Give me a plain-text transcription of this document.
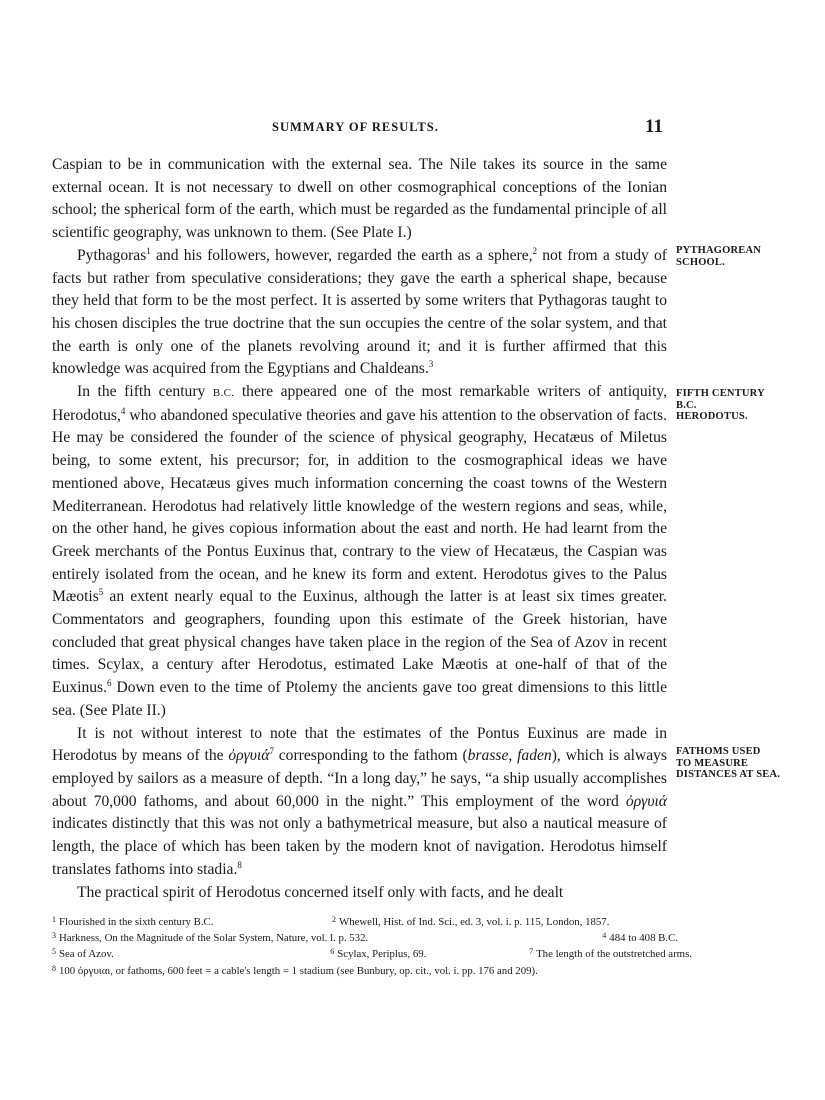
SUMMARY OF RESULTS.	11

Caspian to be in communication with the external sea. The Nile takes its source in the same external ocean. It is not necessary to dwell on other cosmographical conceptions of the Ionian school; the spherical form of the earth, which must be regarded as the fundamental principle of all scientific geography, was unknown to them. (See Plate I.)

Pythagoras$^1$ and his followers, however, regarded the earth as a sphere,$^2$ not from a study of facts but rather from speculative considerations; they gave the earth a spherical shape, because they held that form to be the most perfect. It is asserted by some writers that Pythagoras taught to his chosen disciples the true doctrine that the sun occupies the centre of the solar system, and that the earth is only one of the planets revolving around it; and it is further affirmed that this knowledge was acquired from the Egyptians and Chaldeans.$^3$

In the fifth century B.C. there appeared one of the most remarkable writers of antiquity, Herodotus,$^4$ who abandoned speculative theories and gave his attention to the observation of facts. He may be considered the founder of the science of physical geography, Hecatæus of Miletus being, to some extent, his precursor; for, in addition to the cosmographical ideas we have mentioned above, Hecatæus gives much information concerning the coast towns of the Western Mediterranean. Herodotus had relatively little knowledge of the western regions and seas, while, on the other hand, he gives copious information about the east and north. He had learnt from the Greek merchants of the Pontus Euxinus that, contrary to the view of Hecatæus, the Caspian was entirely isolated from the ocean, and he knew its form and extent. Herodotus gives to the Palus Mæotis$^5$ an extent nearly equal to the Euxinus, although the latter is at least six times greater. Commentators and geographers, founding upon this estimate of the Greek historian, have concluded that great physical changes have taken place in the region of the Sea of Azov in recent times. Scylax, a century after Herodotus, estimated Lake Mæotis at one-half of that of the Euxinus.$^6$ Down even to the time of Ptolemy the ancients gave too great dimensions to this little sea. (See Plate II.)

It is not without interest to note that the estimates of the Pontus Euxinus are made in Herodotus by means of the ὀργυιά$^7$ corresponding to the fathom (brasse, faden), which is always employed by sailors as a measure of depth. “In a long day,” he says, “a ship usually accomplishes about 70,000 fathoms, and about 60,000 in the night.” This employment of the word ὀργυιά indicates distinctly that this was not only a bathymetrical measure, but also a nautical measure of length, the place of which has been taken by the modern knot of navigation. Herodotus himself translates fathoms into stadia.$^8$

The practical spirit of Herodotus concerned itself only with facts, and he dealt

PYTHAGOREAN
SCHOOL.
FIFTH CENTURY
B.C.
HERODOTUS.
FATHOMS USED
TO MEASURE
DISTANCES AT SEA.
$^1$ Flourished in the sixth century B.C.	$^2$ Whewell, Hist. of Ind. Sci., ed. 3, vol. i. p. 115, London, 1857.
$^3$ Harkness, On the Magnitude of the Solar System, Nature, vol. l. p. 532.	$^4$ 484 to 408 B.C.
$^5$ Sea of Azov.	$^6$ Scylax, Periplus, 69.	$^7$ The length of the outstretched arms.
$^8$ 100 ὀργυιαι, or fathoms, 600 feet = a cable's length = 1 stadium (see Bunbury, op. cit., vol. i. pp. 176 and 209).
